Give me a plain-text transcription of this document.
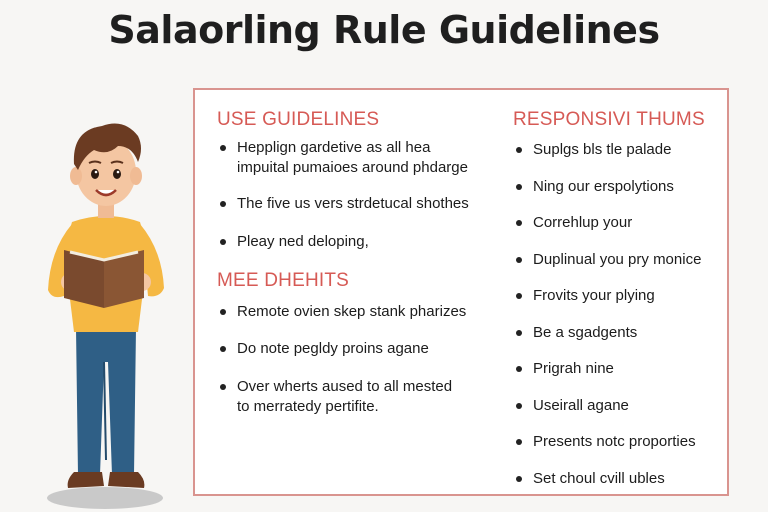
Salaorling Rule Guidelines
USE GUIDELINES
Hepplign gardetive as all hea
impuital pumaioes around phdarge
The five us vers strdetucal shothes
Pleay ned deloping,
MEE DHEHITS
Remote ovien skep stank pharizes
Do note pegldy proins agane
Over wherts aused to all mested
to merratedy pertifite.
RESPONSIVI THUMS
Suplgs bls tle palade
Ning our erspolytions
Correhlup your
Duplinual you pry monice
Frovits your plying
Be a sgadgents
Prigrah nine
Useirall agane
Presents notc proporties
Set choul cvill ubles
